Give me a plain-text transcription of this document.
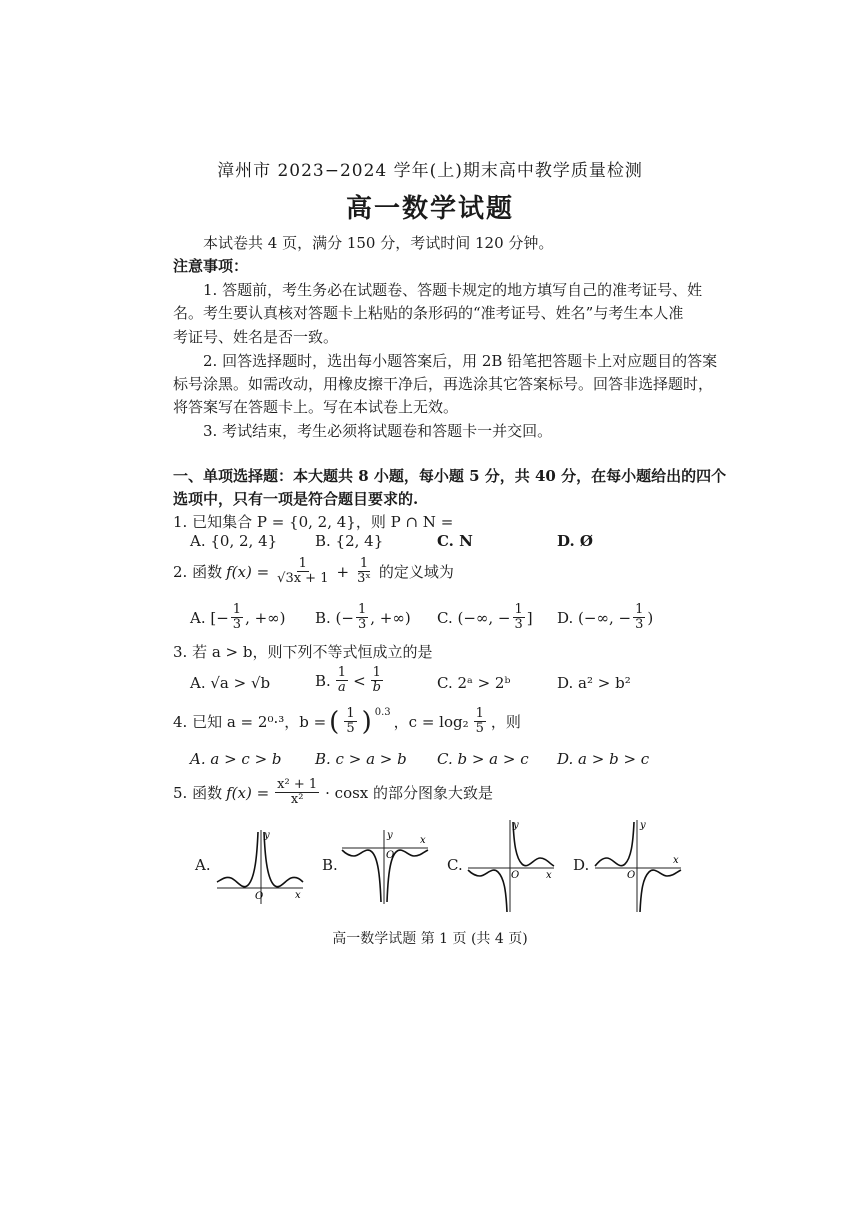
漳州市 2023−2024 学年(上)期末高中教学质量检测
高一数学试题
本试卷共 4 页，满分 150 分，考试时间 120 分钟。
注意事项：
1. 答题前，考生务必在试题卷、答题卡规定的地方填写自己的准考证号、姓
名。考生要认真核对答题卡上粘贴的条形码的“准考证号、姓名”与考生本人准
考证号、姓名是否一致。
2. 回答选择题时，选出每小题答案后，用 2B 铅笔把答题卡上对应题目的答案
标号涂黑。如需改动，用橡皮擦干净后，再选涂其它答案标号。回答非选择题时，
将答案写在答题卡上。写在本试卷上无效。
3. 考试结束，考生必须将试题卷和答题卡一并交回。
一、单项选择题：本大题共 8 小题，每小题 5 分，共 40 分，在每小题给出的四个
选项中，只有一项是符合题目要求的.
1. 已知集合 P = {0, 2, 4}，则 P ∩ N =
A. {0, 2, 4}	B. {2, 4}	C. N	D. Ø
2. 函数 $f(x) = \frac{1}{√3x + 1} + \frac{1}{\text{3ˣ}}$ 的定义域为
A. [− $\frac{1}{3}$ , +∞) B. (− $\frac{1}{3}$ , +∞) C. (−∞, − $\frac{1}{3}$ ] D. (−∞, − $\frac{1}{3}$ )
3. 若 a > b，则下列不等式恒成立的是
A. √a > √b	B. $\frac{1}{a} < \frac{1}{b}$	C. 2ᵃ > 2ᵇ	D. a² > b²
4. 已知 a = 2⁰·³，b = ( $\frac{1}{5}$ ) $^{0.3}$
，$c = \log_2 \frac{1}{5}$ ，则
A. a > c > b B. c > a > b C. b > a > c D. a > b > c
5. 函数 $f(x) = \frac{\text{x² + 1}}{\text{x²}} \cdot \cos x$ 的部分图象大致是
A.
y
x
O
B.
y	x
O
C.
y
x
O
D.
y
x
O
高一数学试题 第 1 页 (共 4 页)
